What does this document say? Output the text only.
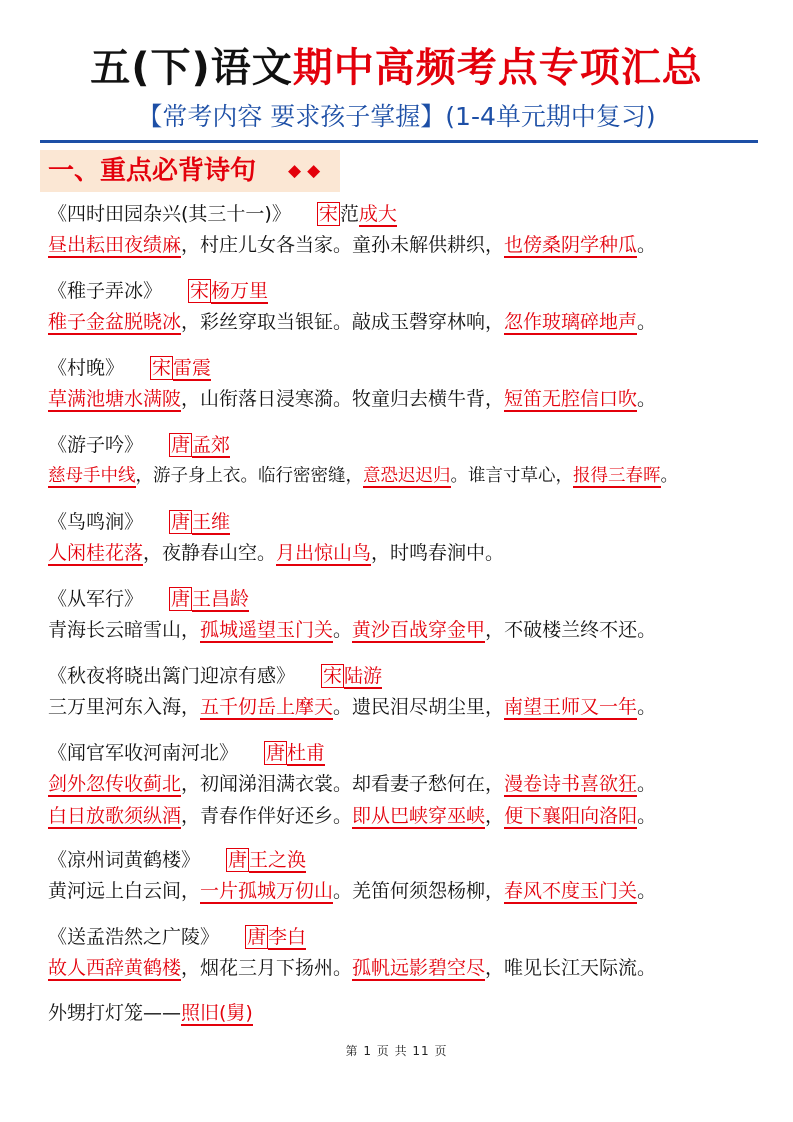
五(下)语文期中高频考点专项汇总
【常考内容 要求孩子掌握】(1-4单元期中复习)
一、重点必背诗句 ◆◆
《四时田园杂兴(其三十一)》 宋 范成大
昼出耘田夜绩麻，村庄儿女各当家。童孙未解供耕织，也傍桑阴学种瓜。
《稚子弄冰》 宋 杨万里
稚子金盆脱晓冰，彩丝穿取当银钲。敲成玉磬穿林响，忽作玻璃碎地声。
《村晚》 宋 雷震
草满池塘水满陂，山衔落日浸寒漪。牧童归去横牛背，短笛无腔信口吹。
《游子吟》 唐 孟郊
慈母手中线，游子身上衣。临行密密缝，意恐迟迟归。谁言寸草心，报得三春晖。
《鸟鸣涧》 唐 王维
人闲桂花落，夜静春山空。月出惊山鸟，时鸣春涧中。
《从军行》 唐 王昌龄
青海长云暗雪山，孤城遥望玉门关。黄沙百战穿金甲，不破楼兰终不还。
《秋夜将晓出篱门迎凉有感》 宋 陆游
三万里河东入海，五千仞岳上摩天。遗民泪尽胡尘里，南望王师又一年。
《闻官军收河南河北》 唐 杜甫
剑外忽传收蓟北，初闻涕泪满衣裳。却看妻子愁何在，漫卷诗书喜欲狂。
白日放歌须纵酒，青春作伴好还乡。即从巴峡穿巫峡，便下襄阳向洛阳。
《凉州词黄鹤楼》 唐 王之涣
黄河远上白云间，一片孤城万仞山。羌笛何须怨杨柳，春风不度玉门关。
《送孟浩然之广陵》 唐 李白
故人西辞黄鹤楼，烟花三月下扬州。孤帆远影碧空尽，唯见长江天际流。
外甥打灯笼——照旧(舅)
第 1 页 共 11 页
